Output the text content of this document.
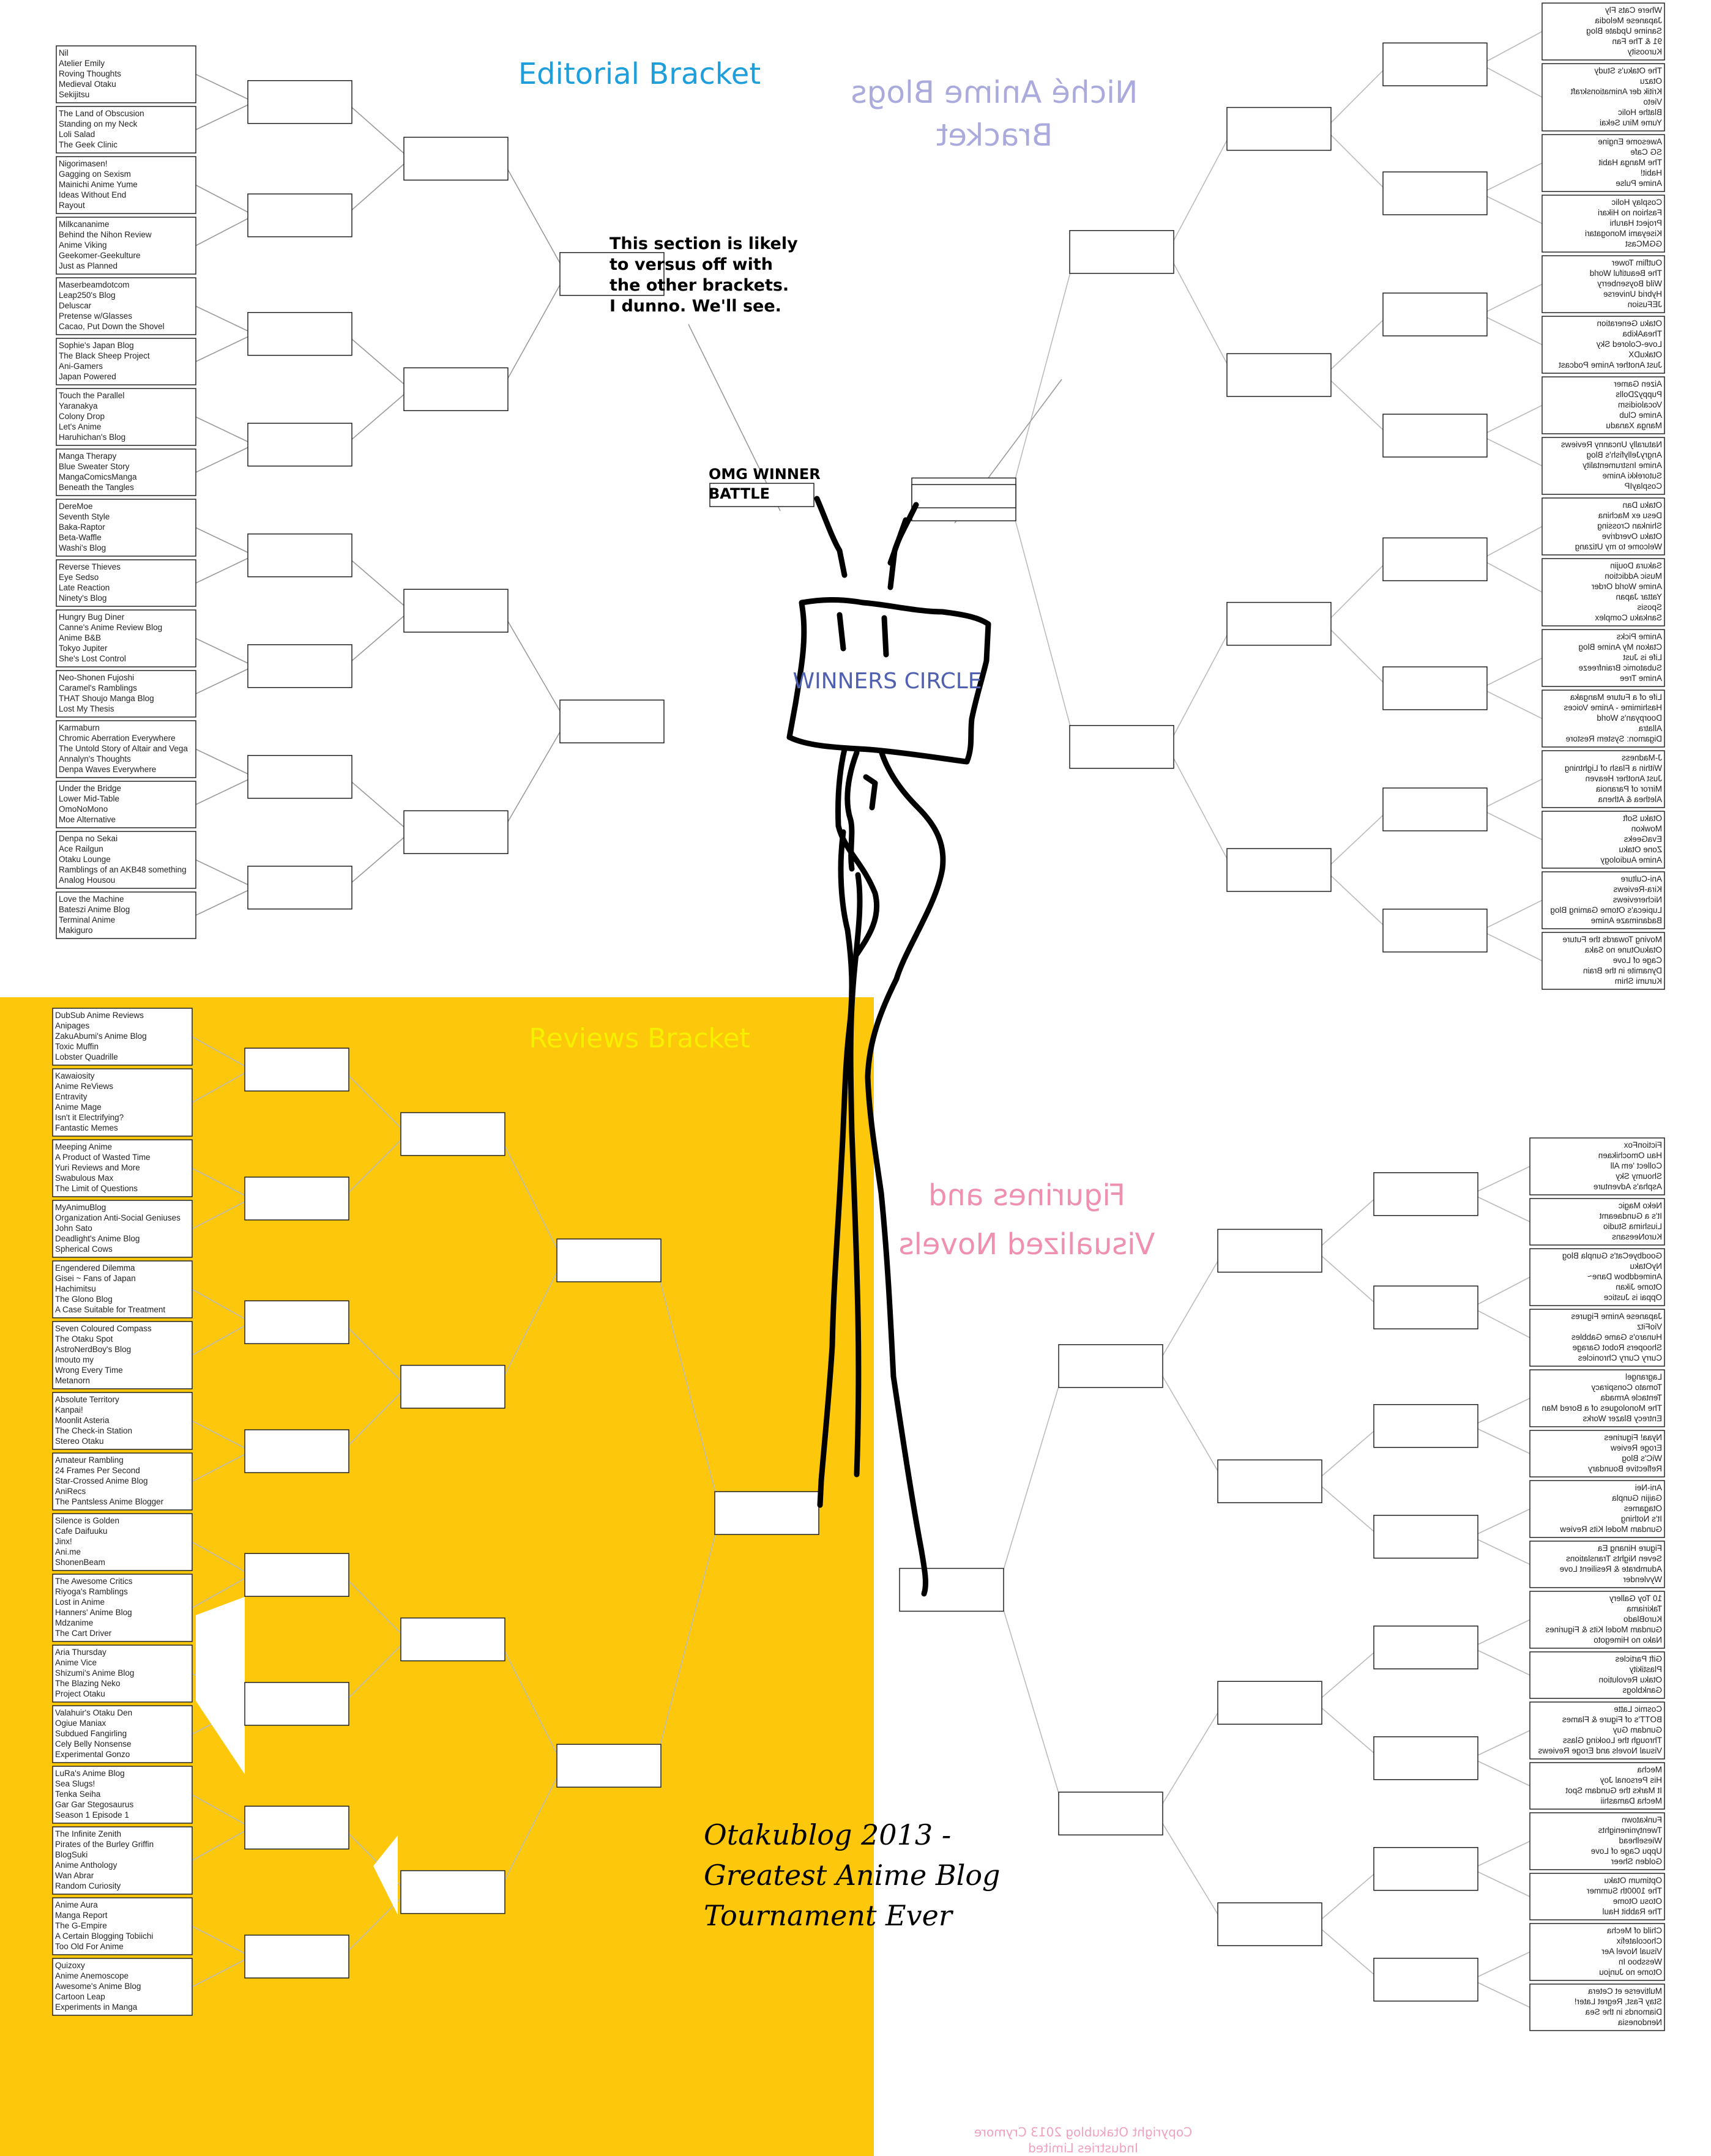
Nil
Atelier Emily
Roving Thoughts
Medieval Otaku
Sekijitsu
The Land of Obscusion
Standing on my Neck
Loli Salad
The Geek Clinic
Nigorimasen!
Gagging on Sexism
Mainichi Anime Yume
Ideas Without End
Rayout
Milkcananime
Behind the Nihon Review
Anime Viking
Geekomer-Geekulture
Just as Planned
Maserbeamdotcom
Leap250's Blog
Deluscar
Pretense w/Glasses
Cacao, Put Down the Shovel
Sophie's Japan Blog
The Black Sheep Project
Ani-Gamers
Japan Powered
Touch the Parallel
Yaranakya
Colony Drop
Let's Anime
Haruhichan's Blog
Manga Therapy
Blue Sweater Story
MangaComicsManga
Beneath the Tangles
DereMoe
Seventh Style
Baka-Raptor
Beta-Waffle
Washi's Blog
Reverse Thieves
Eye Sedso
Late Reaction
Ninety's Blog
Hungry Bug Diner
Canne's Anime Review Blog
Anime B&B
Tokyo Jupiter
She's Lost Control
Neo-Shonen Fujoshi
Caramel's Ramblings
THAT Shoujo Manga Blog
Lost My Thesis
Karmaburn
Chromic Aberration Everywhere
The Untold Story of Altair and Vega
Annalyn's Thoughts
Denpa Waves Everywhere
Under the Bridge
Lower Mid-Table
OmoNoMono
Moe Alternative
Denpa no Sekai
Ace Railgun
Otaku Lounge
Ramblings of an AKB48 something
Analog Housou
Love the Machine
Bateszi Anime Blog
Terminal Anime
Makiguro
DubSub Anime Reviews
Anipages
ZakuAbumi's Anime Blog
Toxic Muffin
Lobster Quadrille
Kawaiosity
Anime ReViews
Entravity
Anime Mage
Isn't it Electrifying?
Fantastic Memes
Meeping Anime
A Product of Wasted Time
Yuri Reviews and More
Swabulous Max
The Limit of Questions
MyAnimuBlog
Organization Anti-Social Geniuses
John Sato
Deadlight's Anime Blog
Spherical Cows
Engendered Dilemma
Gisei ~ Fans of Japan
Hachimitsu
The Glono Blog
A Case Suitable for Treatment
Seven Coloured Compass
The Otaku Spot
AstroNerdBoy's Blog
Imouto my
Wrong Every Time
Metanorn
Absolute Territory
Kanpai!
Moonlit Asteria
The Check-in Station
Stereo Otaku
Amateur Rambling
24 Frames Per Second
Star-Crossed Anime Blog
AniRecs
The Pantsless Anime Blogger
Silence is Golden
Cafe Daifuuku
Jinx!
Ani.me
ShonenBeam
The Awesome Critics
Riyoga's Ramblings
Lost in Anime
Hanners' Anime Blog
Mdzanime
The Cart Driver
Aria Thursday
Anime Vice
Shizumi's Anime Blog
The Blazing Neko
Project Otaku
Valahuir's Otaku Den
Ogiue Maniax
Subdued Fangirling
Cely Belly Nonsense
Experimental Gonzo
LuRa's Anime Blog
Sea Slugs!
Tenka Seiha
Gar Gar Stegosaurus
Season 1 Episode 1
The Infinite Zenith
Pirates of the Burley Griffin
BlogSuki
Anime Anthology
Wan Abrar
Random Curiosity
Anime Aura
Manga Report
The G-Empire
A Certain Blogging Tobiichi
Too Old For Anime
Quizoxy
Anime Anemoscope
Awesome's Anime Blog
Cartoon Leap
Experiments in Manga
Where Cats Fly
Japanese Melodia
Sanime Update Blog
91 & The Fan
Kuroosity
The Otaku's Study
Otazu
Kritik der Animationskraft
Vieto
Blathe Holic
Yume Miru Sekai
Awesome Engine
SG Cafe
The Manga Habit
Habit!
Anime Pulse
Cosplay Holic
Fashion no Hikari
Project Haruhi
Kiseyami Monogatari
GGMCast
Outflim Tower
The Beautiful World
Wild Boysenberry
Hybrid Universe
JEFusion
Otaku Generation
TheaAkiba
Love-Colored Sky
OtakuDX
Just Another Anime Podcast
Aizen Gamer
Puppy2Dolls
Vocaloidism
Anime Club
Manga Xanadu
Naturally Uncanny Reviews
AngryJellyfish's Blog
Anime Instrumentality
Sutorekki Anime
CosplayIP
Otaku Dan
Desu ex Machina
Shinkan Crossing
Otaku Overdrive
Welcome to my Utizang
Sakura Doujin
Music Addiction
Anime World Order
Yattar Japan
Sposis
Sankaku Complex
Anime Picks
Ctakon My Anime Blog
Life is Just
Subatomic Brainfreeze
Anime Tree
Life of a Future Mangaka
Hashimime - Anime Voices
Doorpyan's World
Allatra
Digamon: System Restore
J-Madness
Within a Flash of Lightning
Just Another Heaven
Mirror of Paranoia
Alethea & Athena
Otaku Soft
Mowkon
EvaGeeks
Zone Otaku
Anime Audiology
Ani-Culture
Kira-Reviews
Nichereviews
Lupieca's Otome Gaming Blog
Badanimaze Anime
Moving Towards the Future
OtakuOtune no Saka
Cage of Love
Dynamite in the Brain
Kurumi Shim
FictionFox
Hau Omochikaen
Collect 'em All
Shoumy Sky
Aspha's Adventure
Neko Magic
It's a Gundaeamt
Liushima Studio
KuroNeesans
GoodbyeCat's Gunpla Blog
NyOtaku
Animeddbow Dane~
Otome Jikan
Oppai is Justice
Japanese Anime Figures
VioFitz
Hunaro's Game Gabbles
Shoopers Robot Garage
Curry Curry Chronicles
Lagrangel
Tomato Conspiracy
Tentacle Armada
The Monologues of a Bored Man
Entrecy Blazer Works
Nyaa! Figurines
Eroge Review
WiC's Blog
Reflective Boundary
Ani-Nei
Gaijin Gunpla
Otagames
It's Nothing
Gundam Model Kits Review
Figure Hinang Ea
Seven Nights Translations
Adumbrate & Resilient Love
Wyvlender
10 Toy Gallery
Takiriama
KuroBlado
Gundam Model Kits & Figurines
Nako no Himegoto
Gift Particles
Plastikity
Otaku Revolution
Gankblogs
Cosmic Latte
BOTT's of Figure & Flames
Gundam Guy
Through the Looking Glass
Visual Novels and Eroge Reviews
Mecha
His Personal Joy
It Marks the Gundam Spot
Mecha Damashii
Funkatown
Twentyninenights
Wieselhead
Uppu Cage of Love
Golden Sheer
Optimum Otaku
The 1000th Summer
Otosu Otome
The Rabbit Haul
Child of Mecha
Chocolatefix
Visual Novel Aer
Wessboo In
Otome no Junjou
Multiverse et Cetera
Stay Fast, Regret Later!
Diamonds in the Sea
Nendonesia
Editorial Bracket
Reviews Bracket
Niché Anime Blogs Bracket
Figurines and Visualized Novels
This section is likely to versus off with the other brackets. I dunno. We'll see.
OMG WINNER BATTLE
WINNERS CIRCLE
Otakublog 2013 -Greatest Anime Blog Tournament Ever
Copyright Otakublog 2013 Crymore Industries Limited
